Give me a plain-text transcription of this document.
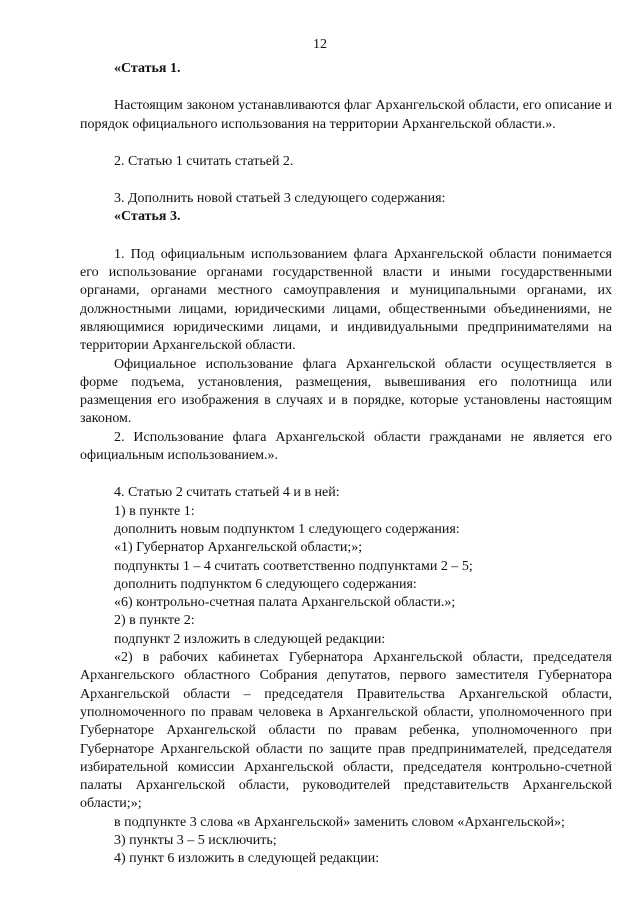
12

«Статья 1.

Настоящим законом устанавливаются флаг Архангельской области, его описание и порядок официального использования на территории Архангельской области.».

2. Статью 1 считать статьей 2.

3. Дополнить новой статьей 3 следующего содержания:

«Статья 3.

1. Под официальным использованием флага Архангельской области понимается его использование органами государственной власти и иными государственными органами, органами местного самоуправления и муниципальными органами, их должностными лицами, юридическими лицами, общественными объединениями, не являющимися юридическими лицами, и индивидуальными предпринимателями на территории Архангельской области.

Официальное использование флага Архангельской области осуществляется в форме подъема, установления, размещения, вывешивания его полотнища или размещения его изображения в случаях и в порядке, которые установлены настоящим законом.

2. Использование флага Архангельской области гражданами не является его официальным использованием.».

4. Статью 2 считать статьей 4 и в ней:

1) в пункте 1:

дополнить новым подпунктом 1 следующего содержания:

«1) Губернатор Архангельской области;»;

подпункты 1 – 4 считать соответственно подпунктами 2 – 5;

дополнить подпунктом 6 следующего содержания:

«6) контрольно-счетная палата Архангельской области.»;

2) в пункте 2:

подпункт 2 изложить в следующей редакции:

«2) в рабочих кабинетах Губернатора Архангельской области, председателя Архангельского областного Собрания депутатов, первого заместителя Губернатора Архангельской области – председателя Правительства Архангельской области, уполномоченного по правам человека в Архангельской области, уполномоченного при Губернаторе Архангельской области по правам ребенка, уполномоченного при Губернаторе Архангельской области по защите прав предпринимателей, председателя избирательной комиссии Архангельской области, председателя контрольно-счетной палаты Архангельской области, руководителей представительств Архангельской области;»;

в подпункте 3 слова «в Архангельской» заменить словом «Архангельской»;

3) пункты 3 – 5 исключить;

4) пункт 6 изложить в следующей редакции:
